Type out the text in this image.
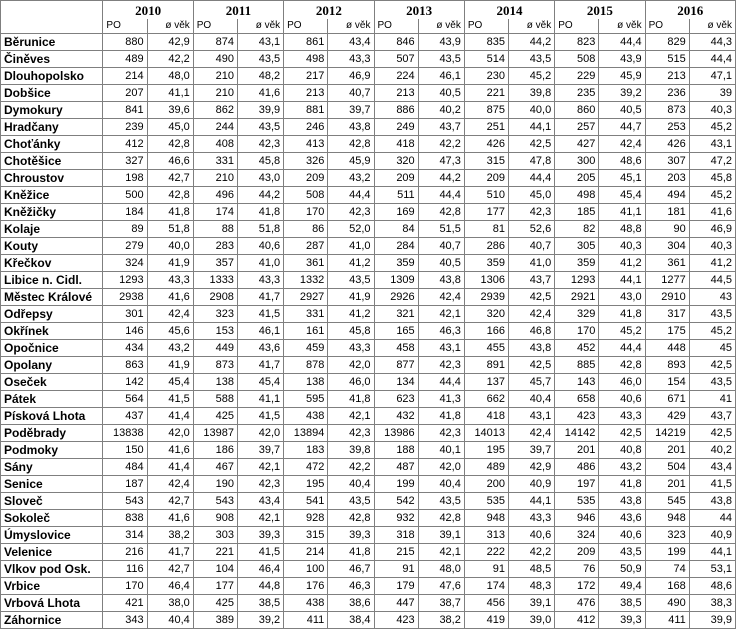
	2010		2011		2012		2013		2014		2015		2016	
	PO	ø věk	PO	ø věk	PO	ø věk	PO	ø věk	PO	ø věk	PO	ø věk	PO	ø věk
Běrunice	880	42,9	874	43,1	861	43,4	846	43,9	835	44,2	823	44,4	829	44,3
Činěves	489	42,2	490	43,5	498	43,3	507	43,5	514	43,5	508	43,9	515	44,4
Dlouhopolsko	214	48,0	210	48,2	217	46,9	224	46,1	230	45,2	229	45,9	213	47,1
Dobšice	207	41,1	210	41,6	213	40,7	213	40,5	221	39,8	235	39,2	236	39
Dymokury	841	39,6	862	39,9	881	39,7	886	40,2	875	40,0	860	40,5	873	40,3
Hradčany	239	45,0	244	43,5	246	43,8	249	43,7	251	44,1	257	44,7	253	45,2
Choťánky	412	42,8	408	42,3	413	42,8	418	42,2	426	42,5	427	42,4	426	43,1
Chotěšice	327	46,6	331	45,8	326	45,9	320	47,3	315	47,8	300	48,6	307	47,2
Chroustov	198	42,7	210	43,0	209	43,2	209	44,2	209	44,4	205	45,1	203	45,8
Kněžice	500	42,8	496	44,2	508	44,4	511	44,4	510	45,0	498	45,4	494	45,2
Kněžičky	184	41,8	174	41,8	170	42,3	169	42,8	177	42,3	185	41,1	181	41,6
Kolaje	89	51,8	88	51,8	86	52,0	84	51,5	81	52,6	82	48,8	90	46,9
Kouty	279	40,0	283	40,6	287	41,0	284	40,7	286	40,7	305	40,3	304	40,3
Křečkov	324	41,9	357	41,0	361	41,2	359	40,5	359	41,0	359	41,2	361	41,2
Libice n. Cidl.	1293	43,3	1333	43,3	1332	43,5	1309	43,8	1306	43,7	1293	44,1	1277	44,5
Městec Králové	2938	41,6	2908	41,7	2927	41,9	2926	42,4	2939	42,5	2921	43,0	2910	43
Odřepsy	301	42,4	323	41,5	331	41,2	321	42,1	320	42,4	329	41,8	317	43,5
Okřínek	146	45,6	153	46,1	161	45,8	165	46,3	166	46,8	170	45,2	175	45,2
Opočnice	434	43,2	449	43,6	459	43,3	458	43,1	455	43,8	452	44,4	448	45
Opolany	863	41,9	873	41,7	878	42,0	877	42,3	891	42,5	885	42,8	893	42,5
Oseček	142	45,4	138	45,4	138	46,0	134	44,4	137	45,7	143	46,0	154	43,5
Pátek	564	41,5	588	41,1	595	41,8	623	41,3	662	40,4	658	40,6	671	41
Písková Lhota	437	41,4	425	41,5	438	42,1	432	41,8	418	43,1	423	43,3	429	43,7
Poděbrady	13838	42,0	13987	42,0	13894	42,3	13986	42,3	14013	42,4	14142	42,5	14219	42,5
Podmoky	150	41,6	186	39,7	183	39,8	188	40,1	195	39,7	201	40,8	201	40,2
Sány	484	41,4	467	42,1	472	42,2	487	42,0	489	42,9	486	43,2	504	43,4
Senice	187	42,4	190	42,3	195	40,4	199	40,4	200	40,9	197	41,8	201	41,5
Sloveč	543	42,7	543	43,4	541	43,5	542	43,5	535	44,1	535	43,8	545	43,8
Sokoleč	838	41,6	908	42,1	928	42,8	932	42,8	948	43,3	946	43,6	948	44
Úmyslovice	314	38,2	303	39,3	315	39,3	318	39,1	313	40,6	324	40,6	323	40,9
Velenice	216	41,7	221	41,5	214	41,8	215	42,1	222	42,2	209	43,5	199	44,1
Vlkov pod Osk.	116	42,7	104	46,4	100	46,7	91	48,0	91	48,5	76	50,9	74	53,1
Vrbice	170	46,4	177	44,8	176	46,3	179	47,6	174	48,3	172	49,4	168	48,6
Vrbová Lhota	421	38,0	425	38,5	438	38,6	447	38,7	456	39,1	476	38,5	490	38,3
Záhornice	343	40,4	389	39,2	411	38,4	423	38,2	419	39,0	412	39,3	411	39,9
